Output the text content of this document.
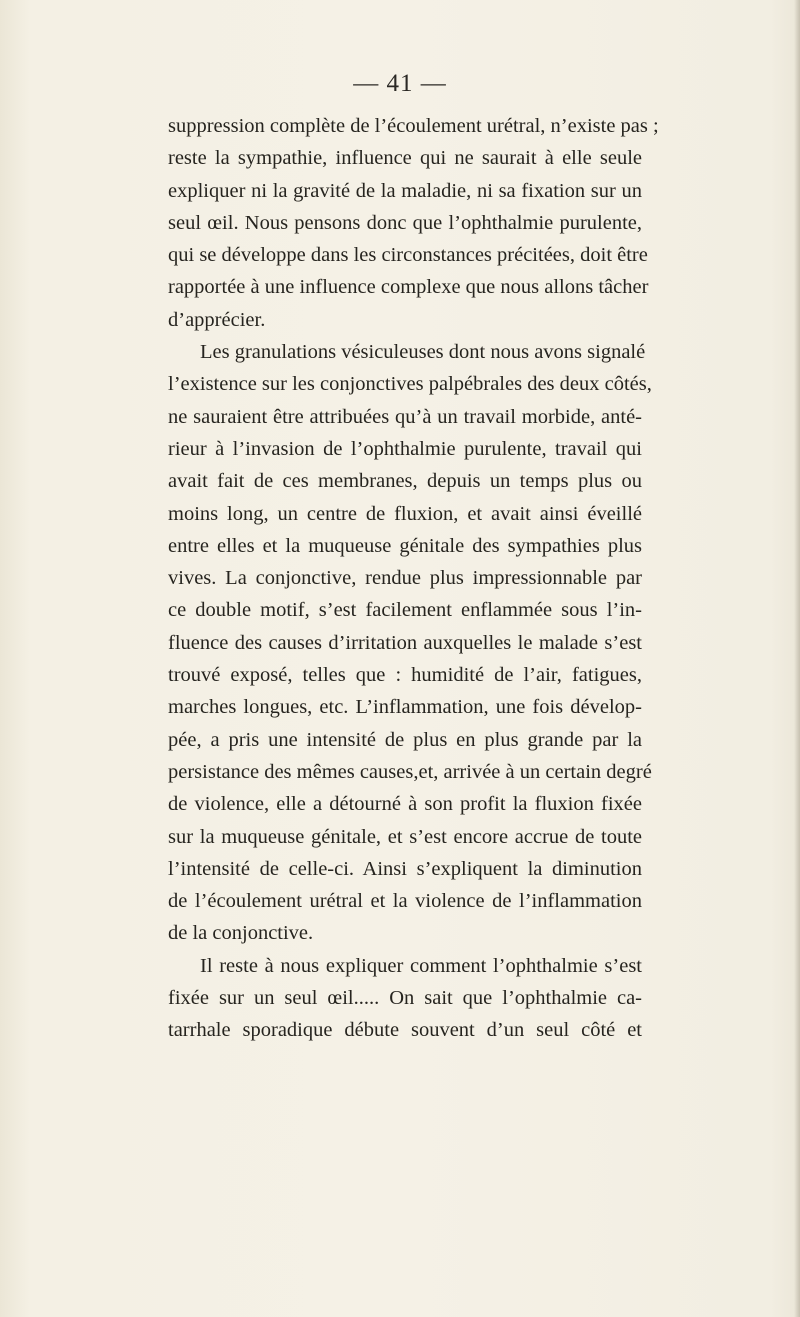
— 41 —
suppression complète de l’écoulement urétral, n’existe pas ;
reste la sympathie, influence qui ne saurait à elle seule
expliquer ni la gravité de la maladie, ni sa fixation sur un
seul œil. Nous pensons donc que l’ophthalmie purulente,
qui se développe dans les circonstances précitées, doit être
rapportée à une influence complexe que nous allons tâcher
d’apprécier.
Les granulations vésiculeuses dont nous avons signalé
l’existence sur les conjonctives palpébrales des deux côtés,
ne sauraient être attribuées qu’à un travail morbide, anté-
rieur à l’invasion de l’ophthalmie purulente, travail qui
avait fait de ces membranes, depuis un temps plus ou
moins long, un centre de fluxion, et avait ainsi éveillé
entre elles et la muqueuse génitale des sympathies plus
vives. La conjonctive, rendue plus impressionnable par
ce double motif, s’est facilement enflammée sous l’in-
fluence des causes d’irritation auxquelles le malade s’est
trouvé exposé, telles que : humidité de l’air, fatigues,
marches longues, etc. L’inflammation, une fois dévelop-
pée, a pris une intensité de plus en plus grande par la
persistance des mêmes causes,et, arrivée à un certain degré
de violence, elle a détourné à son profit la fluxion fixée
sur la muqueuse génitale, et s’est encore accrue de toute
l’intensité de celle-ci. Ainsi s’expliquent la diminution
de l’écoulement urétral et la violence de l’inflammation
de la conjonctive.
Il reste à nous expliquer comment l’ophthalmie s’est
fixée sur un seul œil..... On sait que l’ophthalmie ca-
tarrhale sporadique débute souvent d’un seul côté et
